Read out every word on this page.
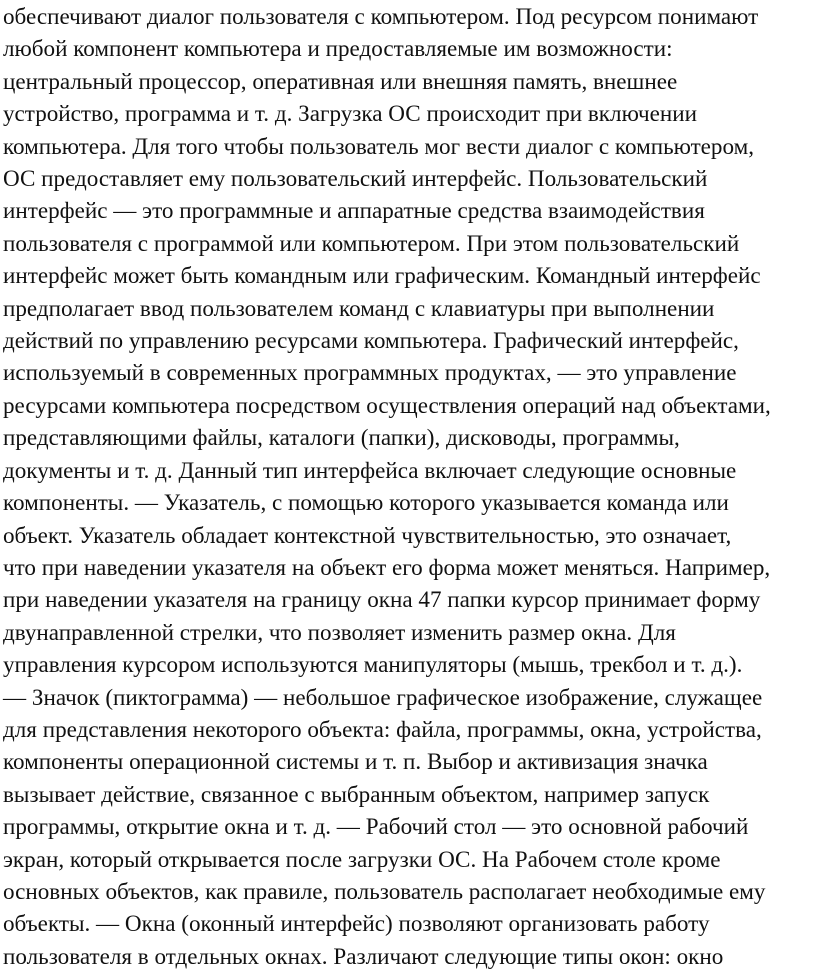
обеспечивают диалог пользователя с компьютером. Под ресурсом понимают
любой компонент компьютера и предоставляемые им возможности:
центральный процессор, оперативная или внешняя память, внешнее
устройство, программа и т. д. Загрузка ОС происходит при включении
компьютера. Для того чтобы пользователь мог вести диалог с компьютером,
ОС предоставляет ему пользовательский интерфейс. Пользовательский
интерфейс — это программные и аппаратные средства взаимодействия
пользователя с программой или компьютером. При этом пользовательский
интерфейс может быть командным или графическим. Командный интерфейс
предполагает ввод пользователем команд с клавиатуры при выполнении
действий по управлению ресурсами компьютера. Графический интерфейс,
используемый в современных программных продуктах, — это управление
ресурсами компьютера посредством осуществления операций над объектами,
представляющими файлы, каталоги (папки), дисководы, программы,
документы и т. д. Данный тип интерфейса включает следующие основные
компоненты. — Указатель, с помощью которого указывается команда или
объект. Указатель обладает контекстной чувствительностью, это означает,
что при наведении указателя на объект его форма может меняться. Например,
при наведении указателя на границу окна 47 папки курсор принимает форму
двунаправленной стрелки, что позволяет изменить размер окна. Для
управления курсором используются манипуляторы (мышь, трекбол и т. д.).
— Значок (пиктограмма) — небольшое графическое изображение, служащее
для представления некоторого объекта: файла, программы, окна, устройства,
компоненты операционной системы и т. п. Выбор и активизация значка
вызывает действие, связанное с выбранным объектом, например запуск
программы, открытие окна и т. д. — Рабочий стол — это основной рабочий
экран, который открывается после загрузки ОС. На Рабочем столе кроме
основных объектов, как правиле, пользователь располагает необходимые ему
объекты. — Окна (оконный интерфейс) позволяют организовать работу
пользователя в отдельных окнах. Различают следующие типы окон: окно
